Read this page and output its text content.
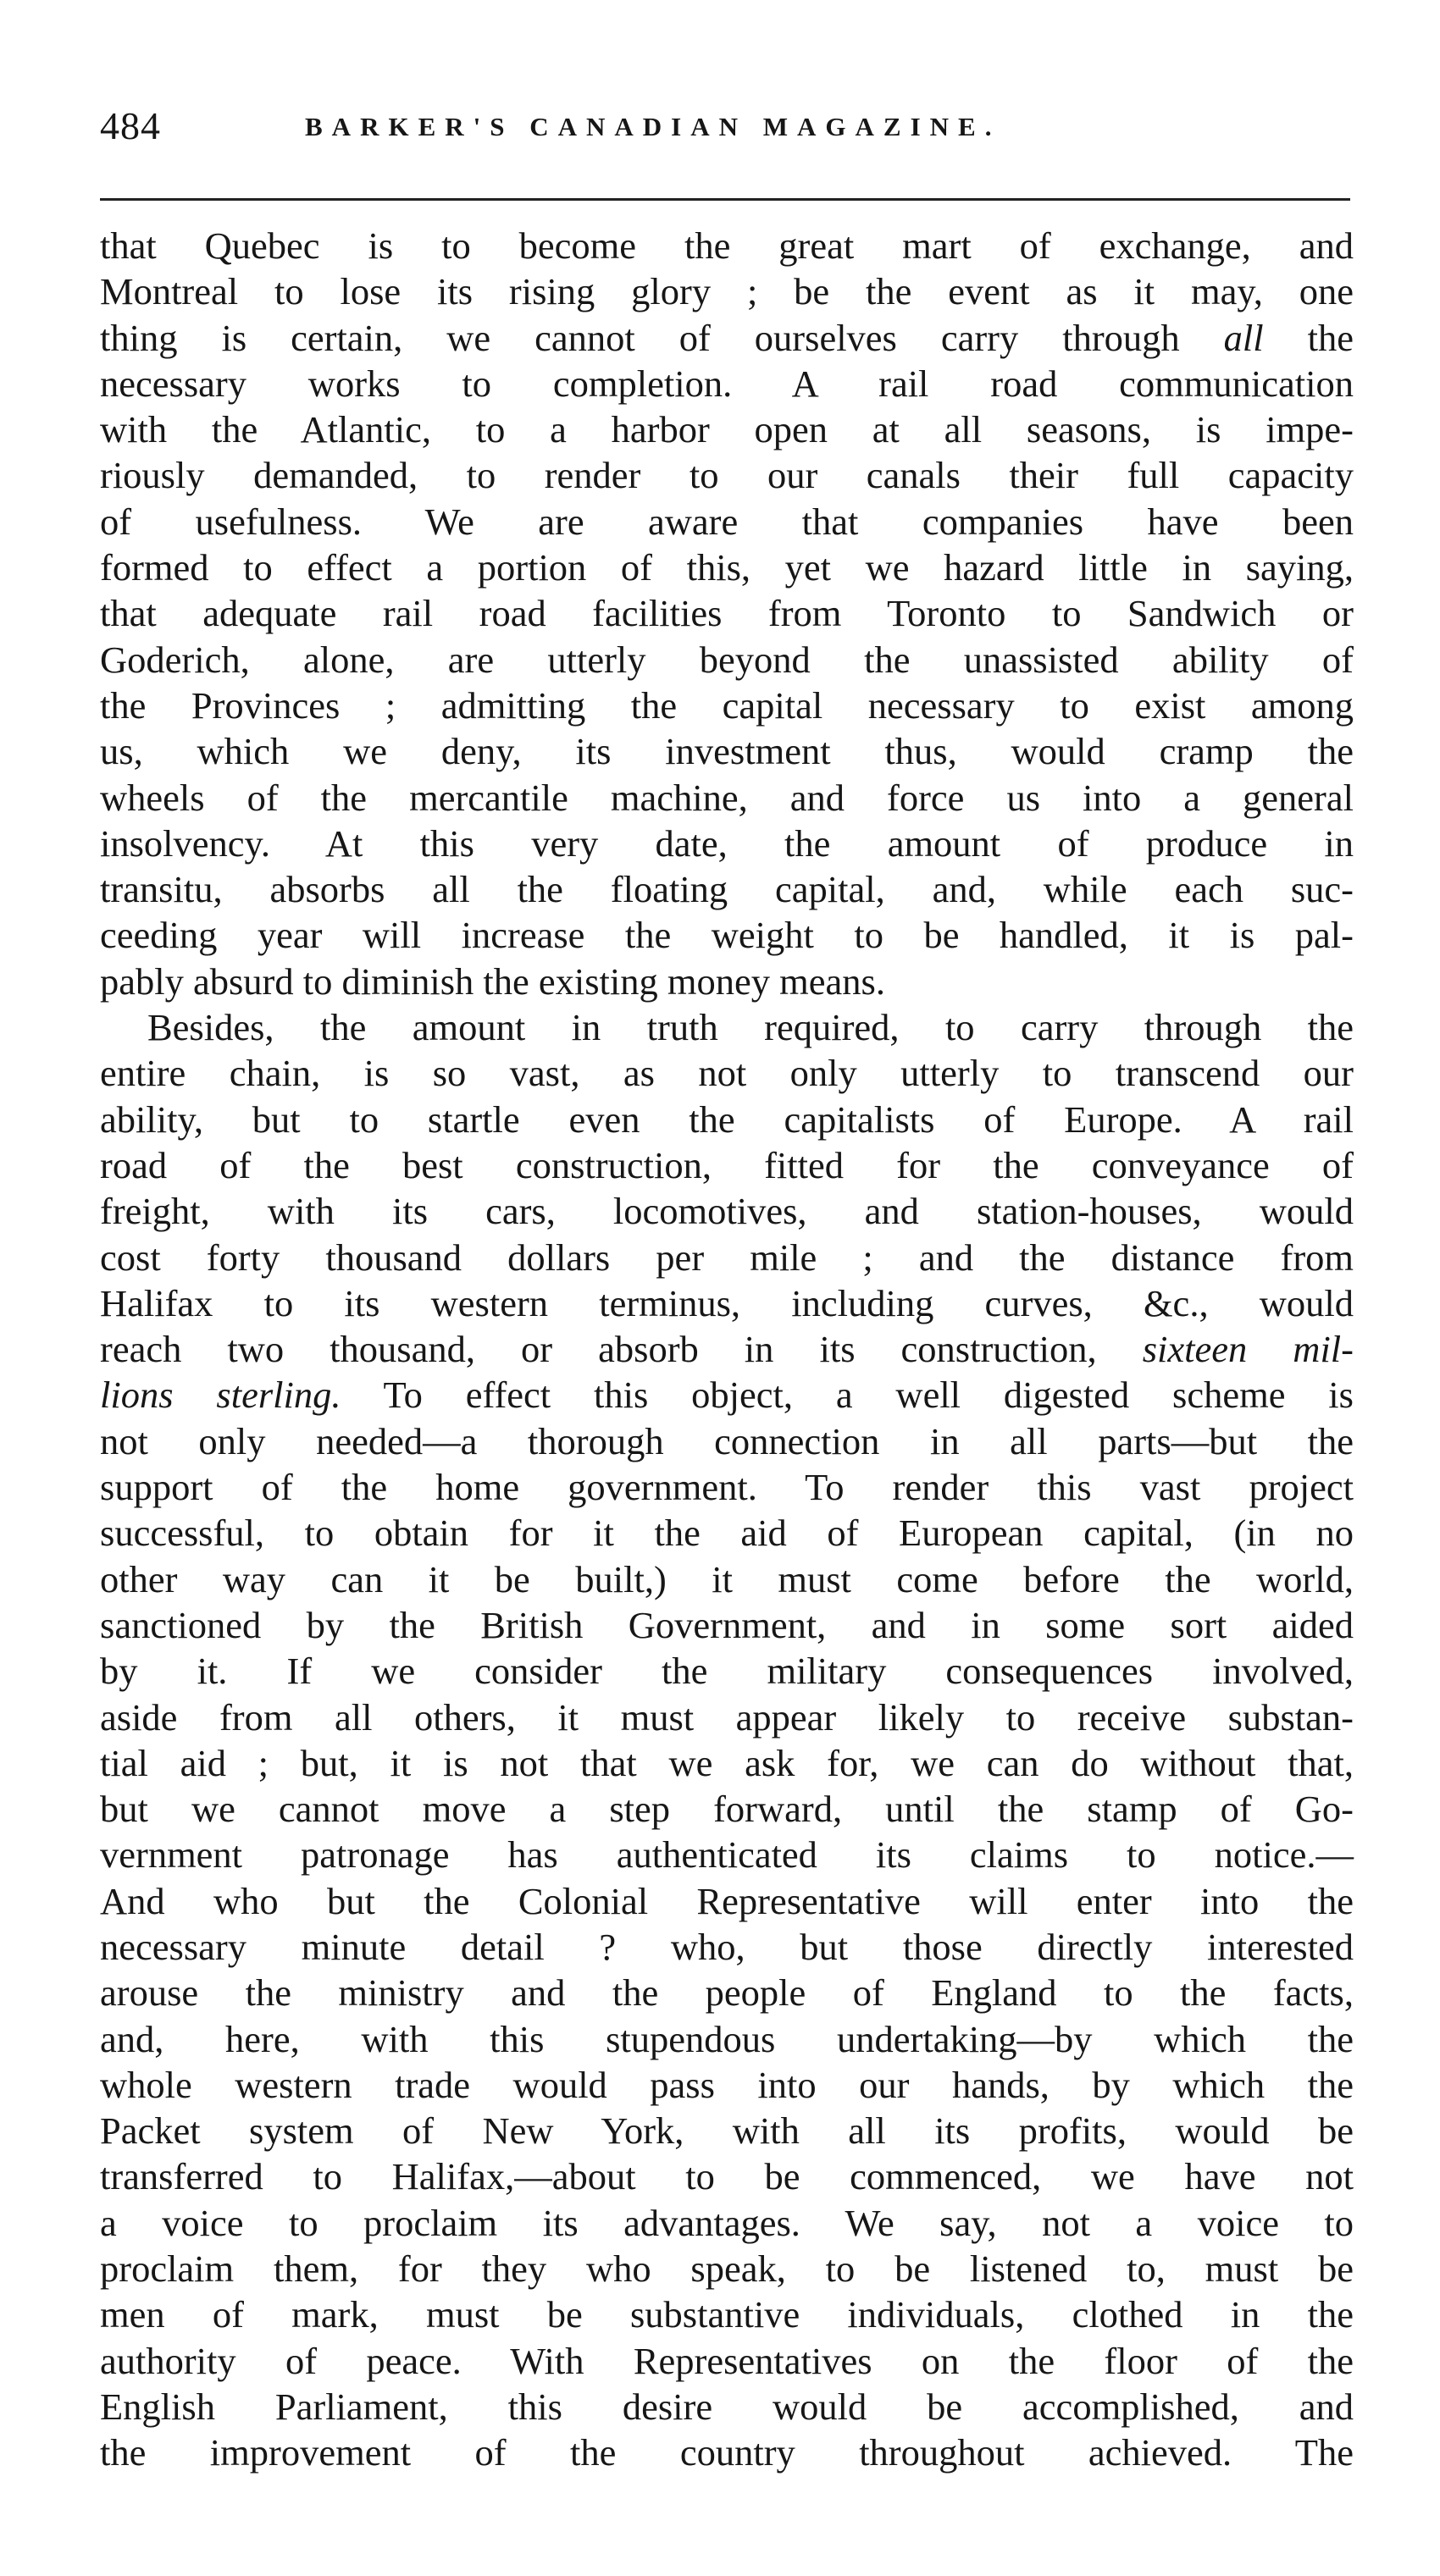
484	BARKER'S CANADIAN MAGAZINE.
that Quebec is to become the great mart of exchange, and
Montreal to lose its rising glory ; be the event as it may, one
thing is certain, we cannot of ourselves carry through all the
necessary works to completion. A rail road communication
with the Atlantic, to a harbor open at all seasons, is impe-
riously demanded, to render to our canals their full capacity
of usefulness. We are aware that companies have been
formed to effect a portion of this, yet we hazard little in saying,
that adequate rail road facilities from Toronto to Sandwich or
Goderich, alone, are utterly beyond the unassisted ability of
the Provinces ; admitting the capital necessary to exist among
us, which we deny, its investment thus, would cramp the
wheels of the mercantile machine, and force us into a general
insolvency. At this very date, the amount of produce in
transitu, absorbs all the floating capital, and, while each suc-
ceeding year will increase the weight to be handled, it is pal-
pably absurd to diminish the existing money means.
Besides, the amount in truth required, to carry through the
entire chain, is so vast, as not only utterly to transcend our
ability, but to startle even the capitalists of Europe. A rail
road of the best construction, fitted for the conveyance of
freight, with its cars, locomotives, and station-houses, would
cost forty thousand dollars per mile ; and the distance from
Halifax to its western terminus, including curves, &c., would
reach two thousand, or absorb in its construction, sixteen mil-
lions sterling. To effect this object, a well digested scheme is
not only needed—a thorough connection in all parts—but the
support of the home government. To render this vast project
successful, to obtain for it the aid of European capital, (in no
other way can it be built,) it must come before the world,
sanctioned by the British Government, and in some sort aided
by it. If we consider the military consequences involved,
aside from all others, it must appear likely to receive substan-
tial aid ; but, it is not that we ask for, we can do without that,
but we cannot move a step forward, until the stamp of Go-
vernment patronage has authenticated its claims to notice.—
And who but the Colonial Representative will enter into the
necessary minute detail ? who, but those directly interested
arouse the ministry and the people of England to the facts,
and, here, with this stupendous undertaking—by which the
whole western trade would pass into our hands, by which the
Packet system of New York, with all its profits, would be
transferred to Halifax,—about to be commenced, we have not
a voice to proclaim its advantages. We say, not a voice to
proclaim them, for they who speak, to be listened to, must be
men of mark, must be substantive individuals, clothed in the
authority of peace. With Representatives on the floor of the
English Parliament, this desire would be accomplished, and
the improvement of the country throughout achieved. The
